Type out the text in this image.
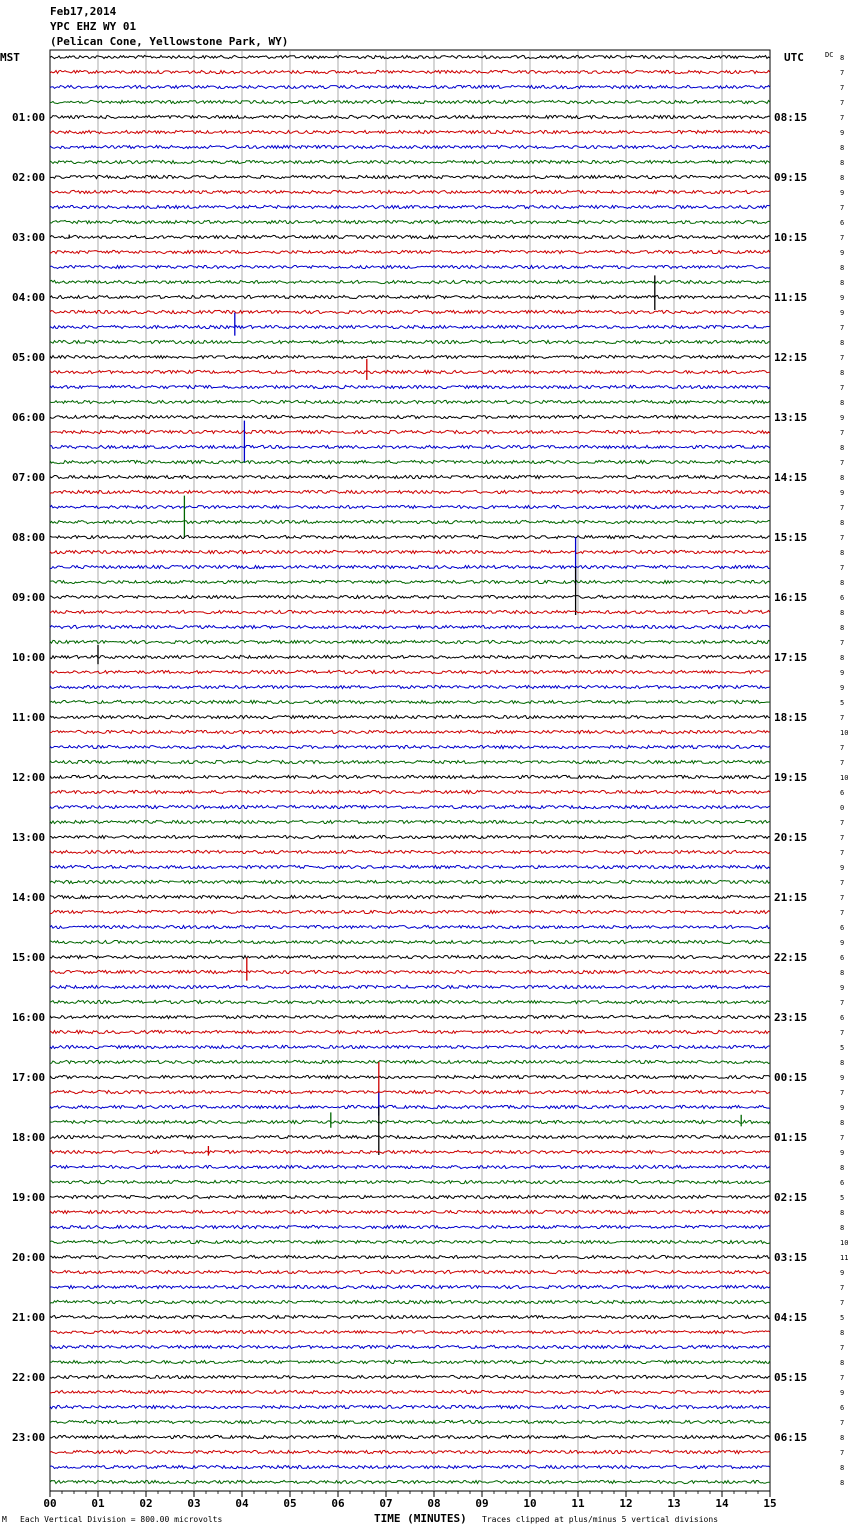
Feb17,2014
YPC EHZ WY 01
(Pelican Cone, Yellowstone Park, WY)
00	01	02	03	04	05	06	07	08	09	10	11	12	13	14	15
MST	UTC	DC 8
7
7
7
7
9
8
8
8
9
7
6
7
9
8
8
9
9
7
8
7
8
7
8
9
7
8
7
8
9
7
8
7
8
7
8
6
8
8
7
8
9
9
5
7
10
7
7
10
6
0
7
7
7
9
7
7
7
6
9
6
8
9
7
6
7
5
8
9
7
9
8
7
9
8
6
5
8
8
10
11
9
7
7
5
8
7
8
7
9
6
7
8
7
8
8
01:00
02:00
03:00
04:00
05:00
06:00
07:00
08:00
09:00
10:00
11:00
12:00
13:00
14:00
15:00
16:00
17:00
18:00
19:00
20:00
21:00
22:00
23:00
08:15
09:15
10:15
11:15
12:15
13:15
14:15
15:15
16:15
17:15
18:15
19:15
20:15
21:15
22:15
23:15
00:15
01:15
02:15
03:15
04:15
05:15
06:15
TIME (MINUTES)
Each Vertical Division = 800.00 microvolts	Traces clipped at plus/minus 5 vertical divisions
M
